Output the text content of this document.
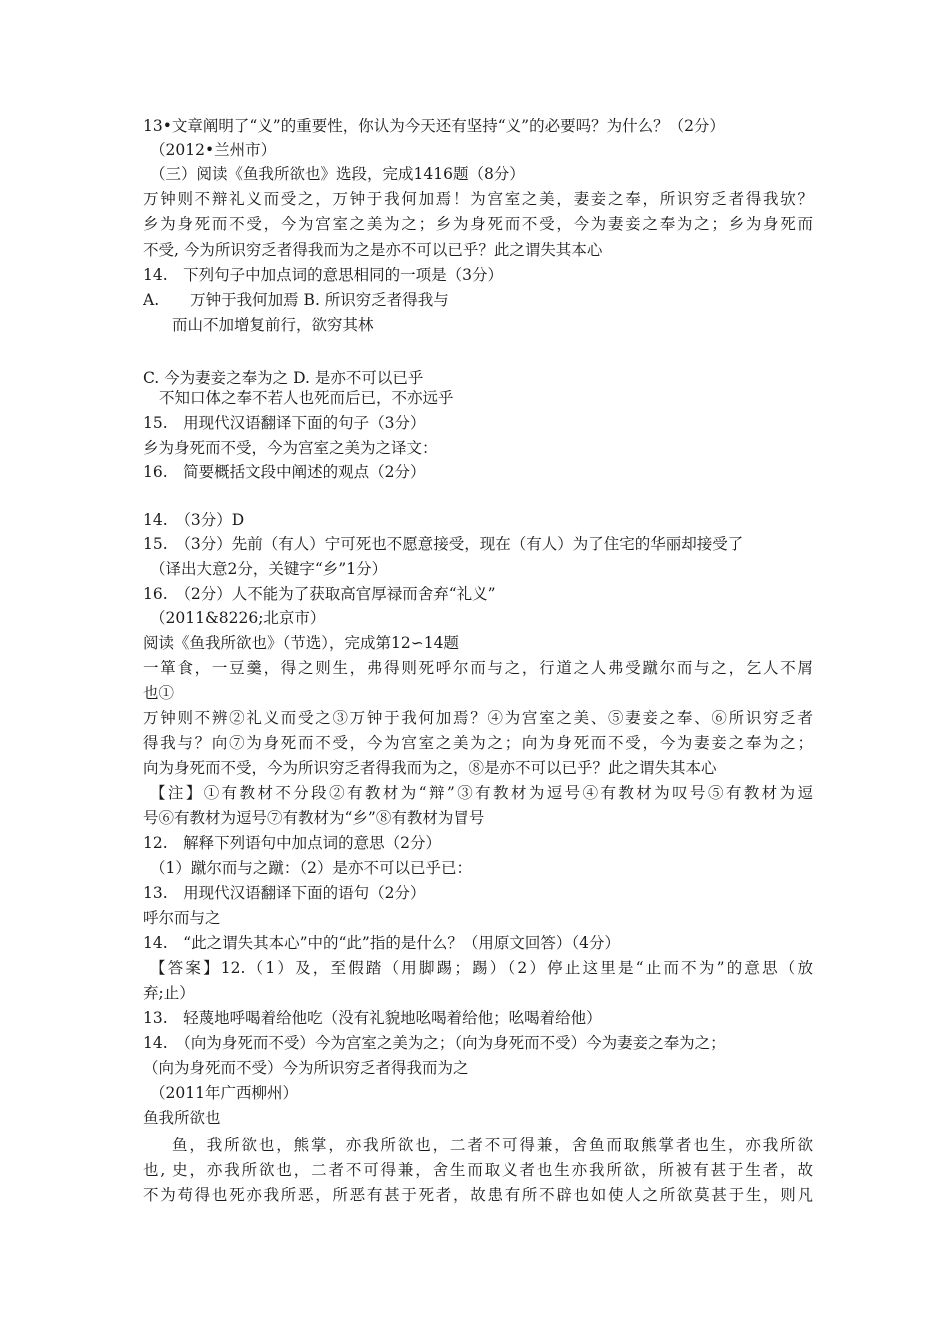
13•文章阐明了“义”的重要性，你认为今天还有坚持“义”的必要吗？为什么？（2分）
（2012•兰州市）
（三）阅读《鱼我所欲也》选段，完成1416题（8分）
万钟则不辩礼义而受之，万钟于我何加焉！为宫室之美，妻妾之奉，所识穷乏者得我欤？
乡为身死而不受，今为宫室之美为之；乡为身死而不受，今为妻妾之奉为之；乡为身死而
不受, 今为所识穷乏者得我而为之是亦不可以已乎？此之谓失其本心
14.　下列句子中加点词的意思相同的一项是（3分）
A.　　万钟于我何加焉 B. 所识穷乏者得我与
而山不加增复前行，欲穷其林
C. 今为妻妾之奉为之 D. 是亦不可以已乎
不知口体之奉不若人也死而后已，不亦远乎
15.　用现代汉语翻译下面的句子（3分）
乡为身死而不受，今为宫室之美为之译文：
16.　简要概括文段中阐述的观点（2分）
14.　（3分）D
15.　（3分）先前（有人）宁可死也不愿意接受，现在（有人）为了住宅的华丽却接受了
（译出大意2分，关键字“乡”1分）
16.　（2分）人不能为了获取高官厚禄而舍弃“礼义”
（2011&8226;北京市）
阅读《鱼我所欲也》（节选），完成第12∽14题
一箪食，一豆羹，得之则生，弗得则死呼尔而与之，行道之人弗受蹴尔而与之，乞人不屑
也①
万钟则不辨②礼义而受之③万钟于我何加焉？④为宫室之美、⑤妻妾之奉、⑥所识穷乏者
得我与？向⑦为身死而不受，今为宫室之美为之；向为身死而不受，今为妻妾之奉为之；
向为身死而不受，今为所识穷乏者得我而为之，⑧是亦不可以已乎？此之谓失其本心
【注】①有教材不分段②有教材为“辩”③有教材为逗号④有教材为叹号⑤有教材为逗
号⑥有教材为逗号⑦有教材为“乡”⑧有教材为冒号
12.　解释下列语句中加点词的意思（2分）
（1）蹴尔而与之蹴：（2）是亦不可以已乎已：
13.　用现代汉语翻译下面的语句（2分）
呼尔而与之
14.　“此之谓失其本心”中的“此”指的是什么？（用原文回答）（4分）
【答案】12.（1）及，至假踏（用脚踢；踢）（2）停止这里是“止而不为”的意思（放
弃;止）
13.　轻蔑地呼喝着给他吃（没有礼貌地吆喝着给他；吆喝着给他）
14.　（向为身死而不受）今为宫室之美为之；（向为身死而不受）今为妻妾之奉为之；
（向为身死而不受）今为所识穷乏者得我而为之
（2011年广西柳州）
鱼我所欲也
鱼，我所欲也，熊掌，亦我所欲也，二者不可得兼，舍鱼而取熊掌者也生，亦我所欲
也, 史，亦我所欲也，二者不可得兼，舍生而取义者也生亦我所欲，所被有甚于生者，故
不为苟得也死亦我所恶，所恶有甚于死者，故患有所不辟也如使人之所欲莫甚于生，则凡
